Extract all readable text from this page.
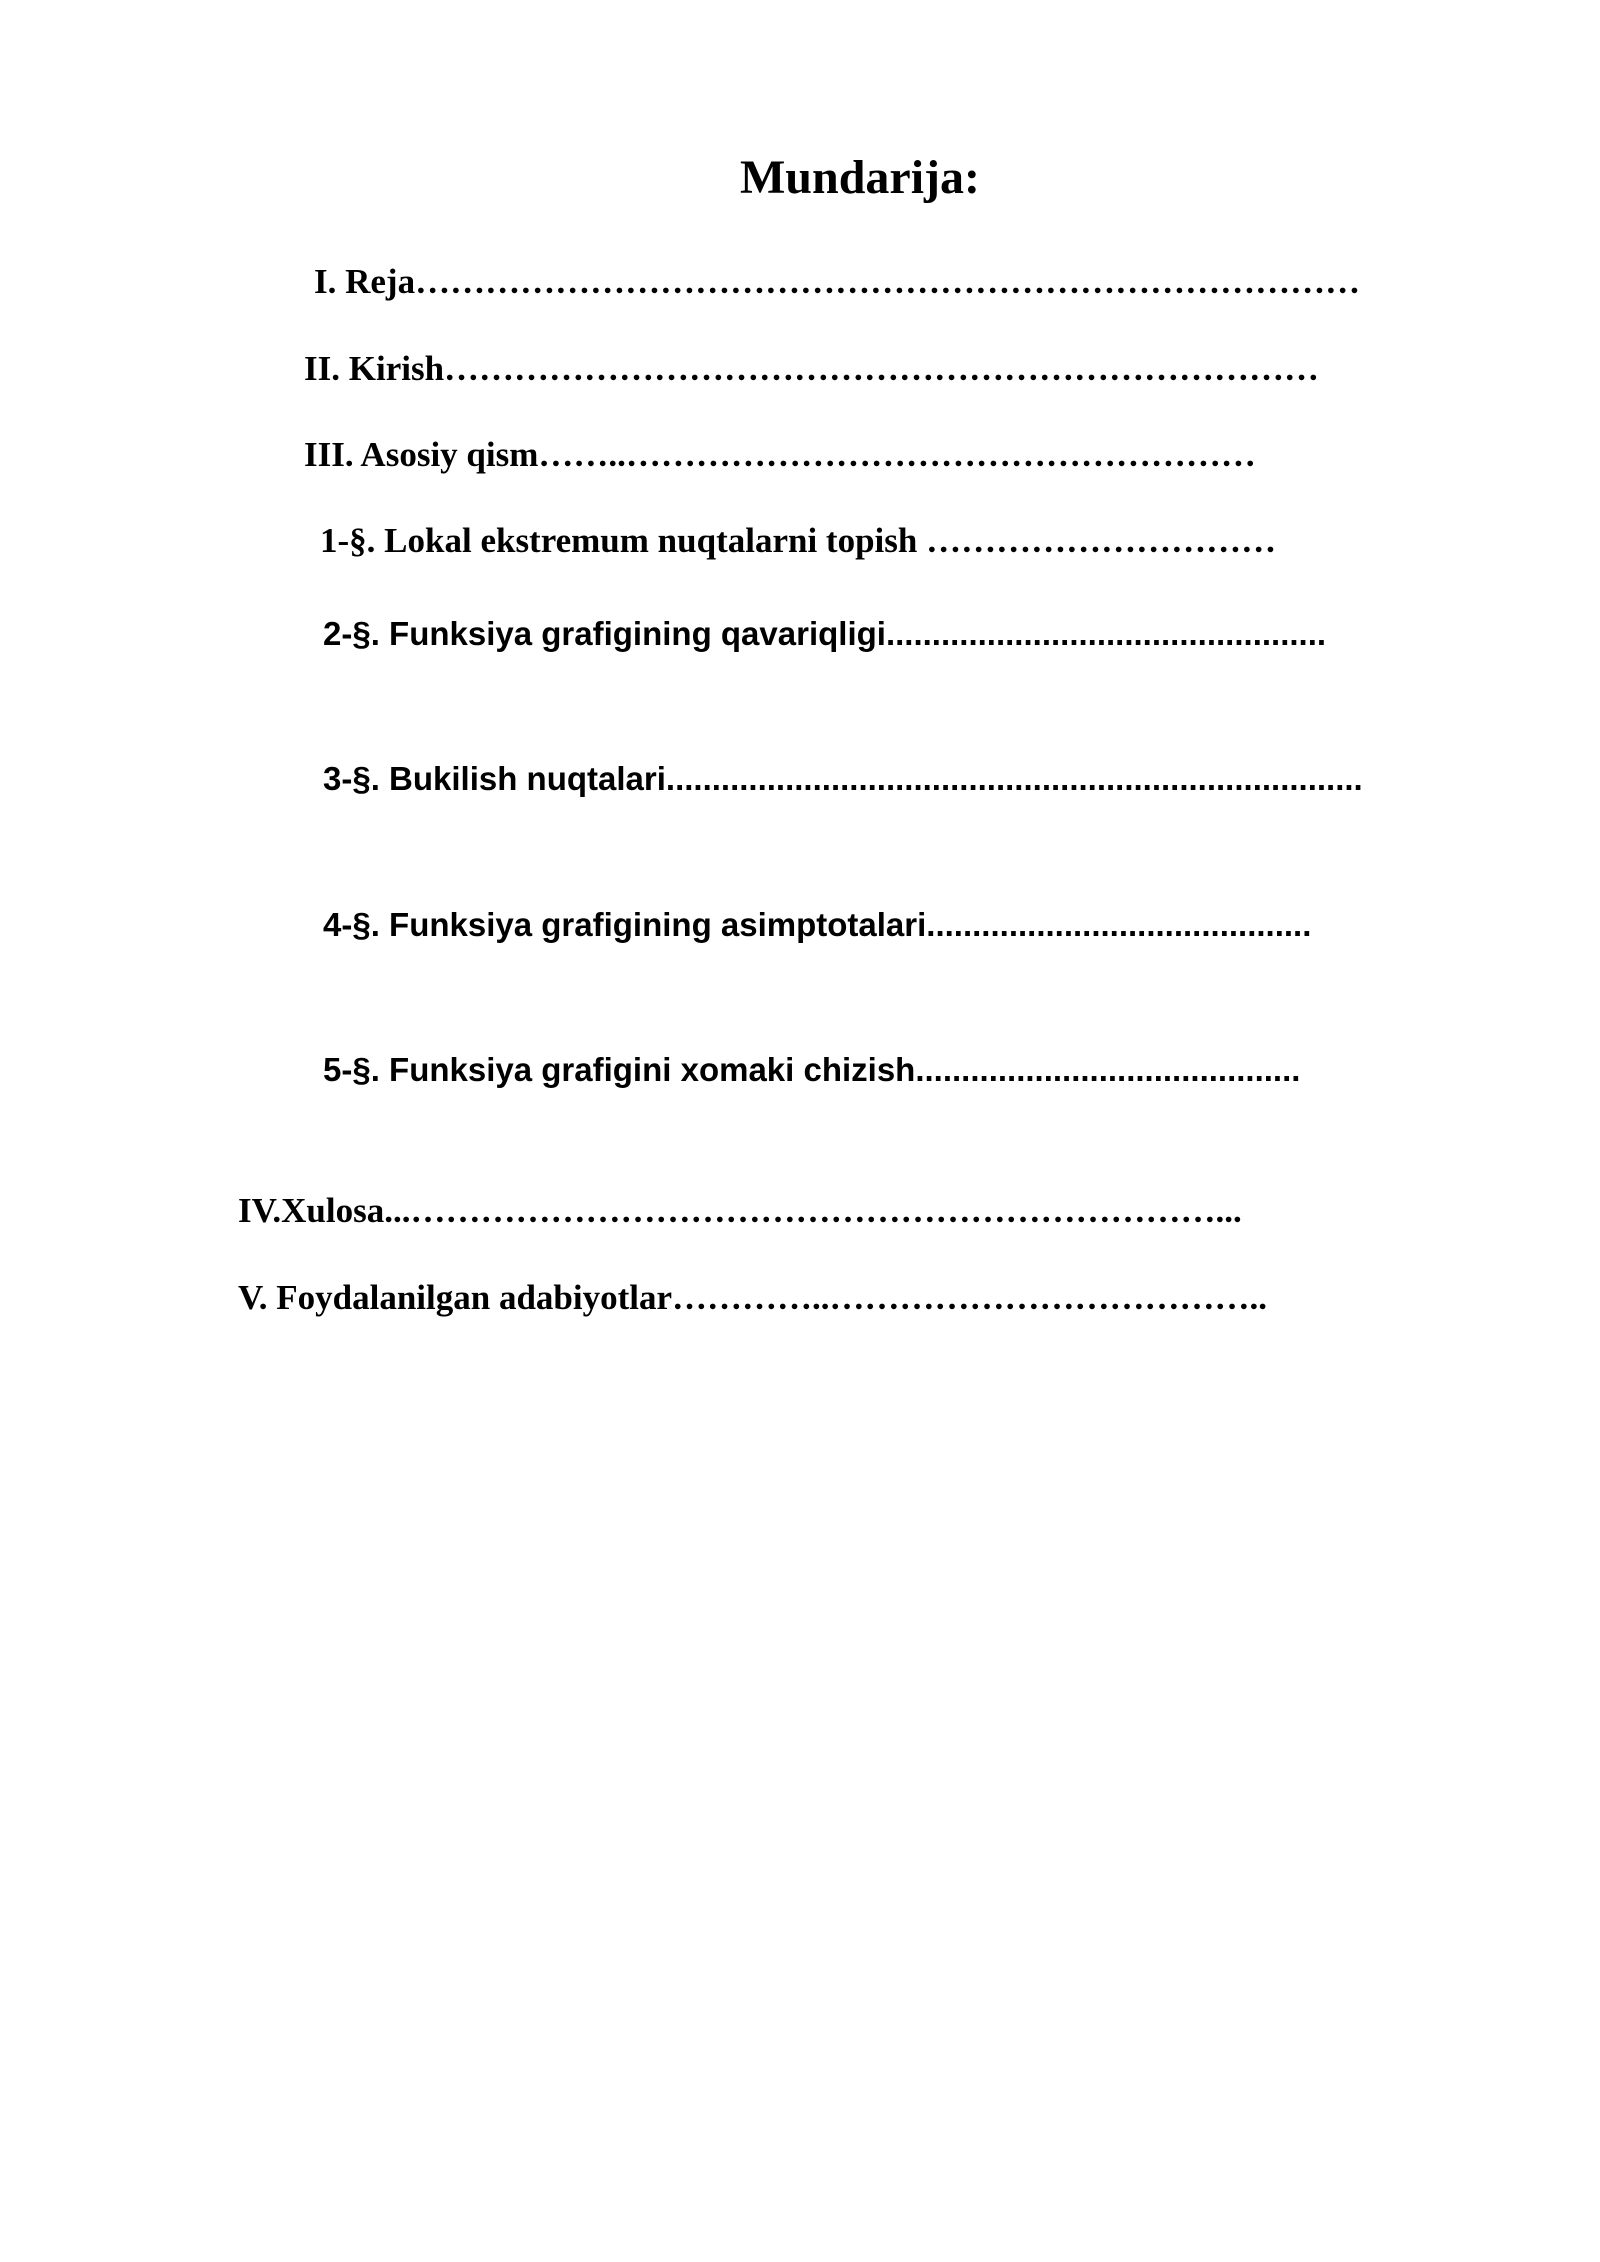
Mundarija:
I. Reja………………………………………………………………………
II. Kirish…………………………………………………………………
III. Asosiy qism……..………………………………………………
1-§. Lokal ekstremum nuqtalarni topish …………………………
2-§. Funksiya grafigining qavariqligi................................................
3-§. Bukilish nuqtalari............................................................................
4-§. Funksiya grafigining asimptotalari..........................................
5-§. Funksiya grafigini xomaki chizish..........................................
IV.Xulosa...……………………………………………………………...
V. Foydalanilgan adabiyotlar…………..………………………………..
